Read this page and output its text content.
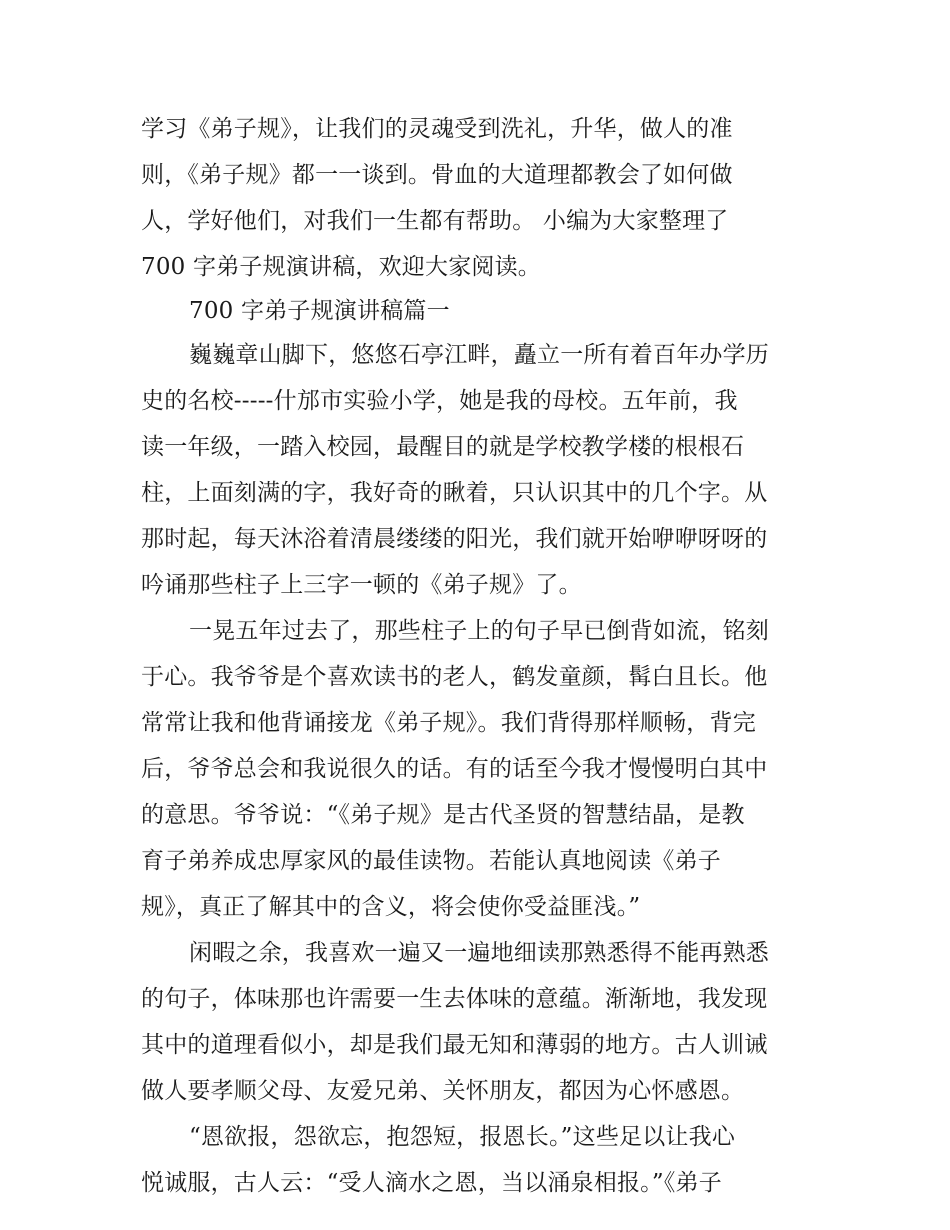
学习《弟子规》，让我们的灵魂受到洗礼，升华，做人的准
则，《弟子规》都一一谈到。骨血的大道理都教会了如何做
人，学好他们，对我们一生都有帮助。 小编为大家整理了
700 字弟子规演讲稿，欢迎大家阅读。
700 字弟子规演讲稿篇一
巍巍章山脚下，悠悠石亭江畔，矗立一所有着百年办学历
史的名校-----什邡市实验小学，她是我的母校。五年前，我
读一年级，一踏入校园，最醒目的就是学校教学楼的根根石
柱，上面刻满的字，我好奇的瞅着，只认识其中的几个字。从
那时起，每天沐浴着清晨缕缕的阳光，我们就开始咿咿呀呀的
吟诵那些柱子上三字一顿的《弟子规》了。
一晃五年过去了，那些柱子上的句子早已倒背如流，铭刻
于心。我爷爷是个喜欢读书的老人，鹤发童颜，髯白且长。他
常常让我和他背诵接龙《弟子规》。我们背得那样顺畅，背完
后，爷爷总会和我说很久的话。有的话至今我才慢慢明白其中
的意思。爷爷说：“《弟子规》是古代圣贤的智慧结晶，是教
育子弟养成忠厚家风的最佳读物。若能认真地阅读《弟子
规》，真正了解其中的含义，将会使你受益匪浅。”
闲暇之余，我喜欢一遍又一遍地细读那熟悉得不能再熟悉
的句子，体味那也许需要一生去体味的意蕴。渐渐地，我发现
其中的道理看似小，却是我们最无知和薄弱的地方。古人训诫
做人要孝顺父母、友爱兄弟、关怀朋友，都因为心怀感恩。
“恩欲报，怨欲忘，抱怨短，报恩长。”这些足以让我心
悦诚服，古人云：“受人滴水之恩，当以涌泉相报。”《弟子
